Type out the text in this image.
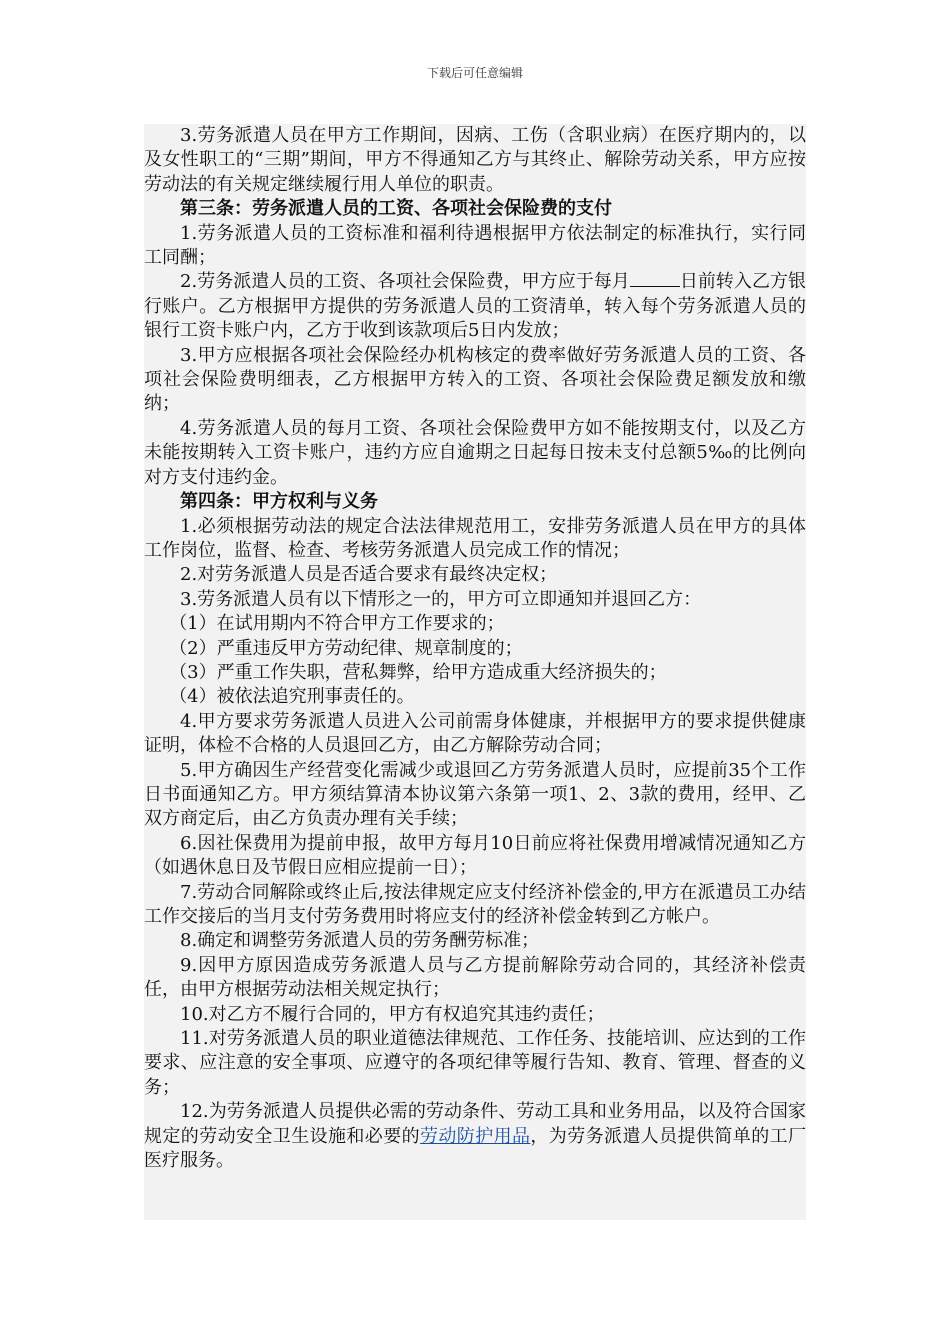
下载后可任意编辑

3.劳务派遣人员在甲方工作期间，因病、工伤（含职业病）在医疗期内的，以及女性职工的“三期”期间，甲方不得通知乙方与其终止、解除劳动关系，甲方应按劳动法的有关规定继续履行用人单位的职责。

第三条：劳务派遣人员的工资、各项社会保险费的支付

1.劳务派遣人员的工资标准和福利待遇根据甲方依法制定的标准执行，实行同工同酬；

2.劳务派遣人员的工资、各项社会保险费，甲方应于每月	日前转入乙方银行账户。乙方根据甲方提供的劳务派遣人员的工资清单，转入每个劳务派遣人员的银行工资卡账户内，乙方于收到该款项后5日内发放；

3.甲方应根据各项社会保险经办机构核定的费率做好劳务派遣人员的工资、各项社会保险费明细表，乙方根据甲方转入的工资、各项社会保险费足额发放和缴纳；

4.劳务派遣人员的每月工资、各项社会保险费甲方如不能按期支付，以及乙方未能按期转入工资卡账户，违约方应自逾期之日起每日按未支付总额5‰的比例向对方支付违约金。

第四条：甲方权利与义务

1.必须根据劳动法的规定合法法律规范用工，安排劳务派遣人员在甲方的具体工作岗位，监督、检查、考核劳务派遣人员完成工作的情况；

2.对劳务派遣人员是否适合要求有最终决定权；

3.劳务派遣人员有以下情形之一的，甲方可立即通知并退回乙方：

（1）在试用期内不符合甲方工作要求的；

（2）严重违反甲方劳动纪律、规章制度的；

（3）严重工作失职，营私舞弊，给甲方造成重大经济损失的；

（4）被依法追究刑事责任的。

4.甲方要求劳务派遣人员进入公司前需身体健康，并根据甲方的要求提供健康证明，体检不合格的人员退回乙方，由乙方解除劳动合同；

5.甲方确因生产经营变化需减少或退回乙方劳务派遣人员时，应提前35个工作日书面通知乙方。甲方须结算清本协议第六条第一项1、2、3款的费用，经甲、乙双方商定后，由乙方负责办理有关手续；

6.因社保费用为提前申报，故甲方每月10日前应将社保费用增减情况通知乙方（如遇休息日及节假日应相应提前一日）；

7.劳动合同解除或终止后,按法律规定应支付经济补偿金的,甲方在派遣员工办结工作交接后的当月支付劳务费用时将应支付的经济补偿金转到乙方帐户。

8.确定和调整劳务派遣人员的劳务酬劳标准；

9.因甲方原因造成劳务派遣人员与乙方提前解除劳动合同的，其经济补偿责任，由甲方根据劳动法相关规定执行；

10.对乙方不履行合同的，甲方有权追究其违约责任；

11.对劳务派遣人员的职业道德法律规范、工作任务、技能培训、应达到的工作要求、应注意的安全事项、应遵守的各项纪律等履行告知、教育、管理、督查的义务；

12.为劳务派遣人员提供必需的劳动条件、劳动工具和业务用品，以及符合国家规定的劳动安全卫生设施和必要的劳动防护用品，为劳务派遣人员提供简单的工厂医疗服务。
